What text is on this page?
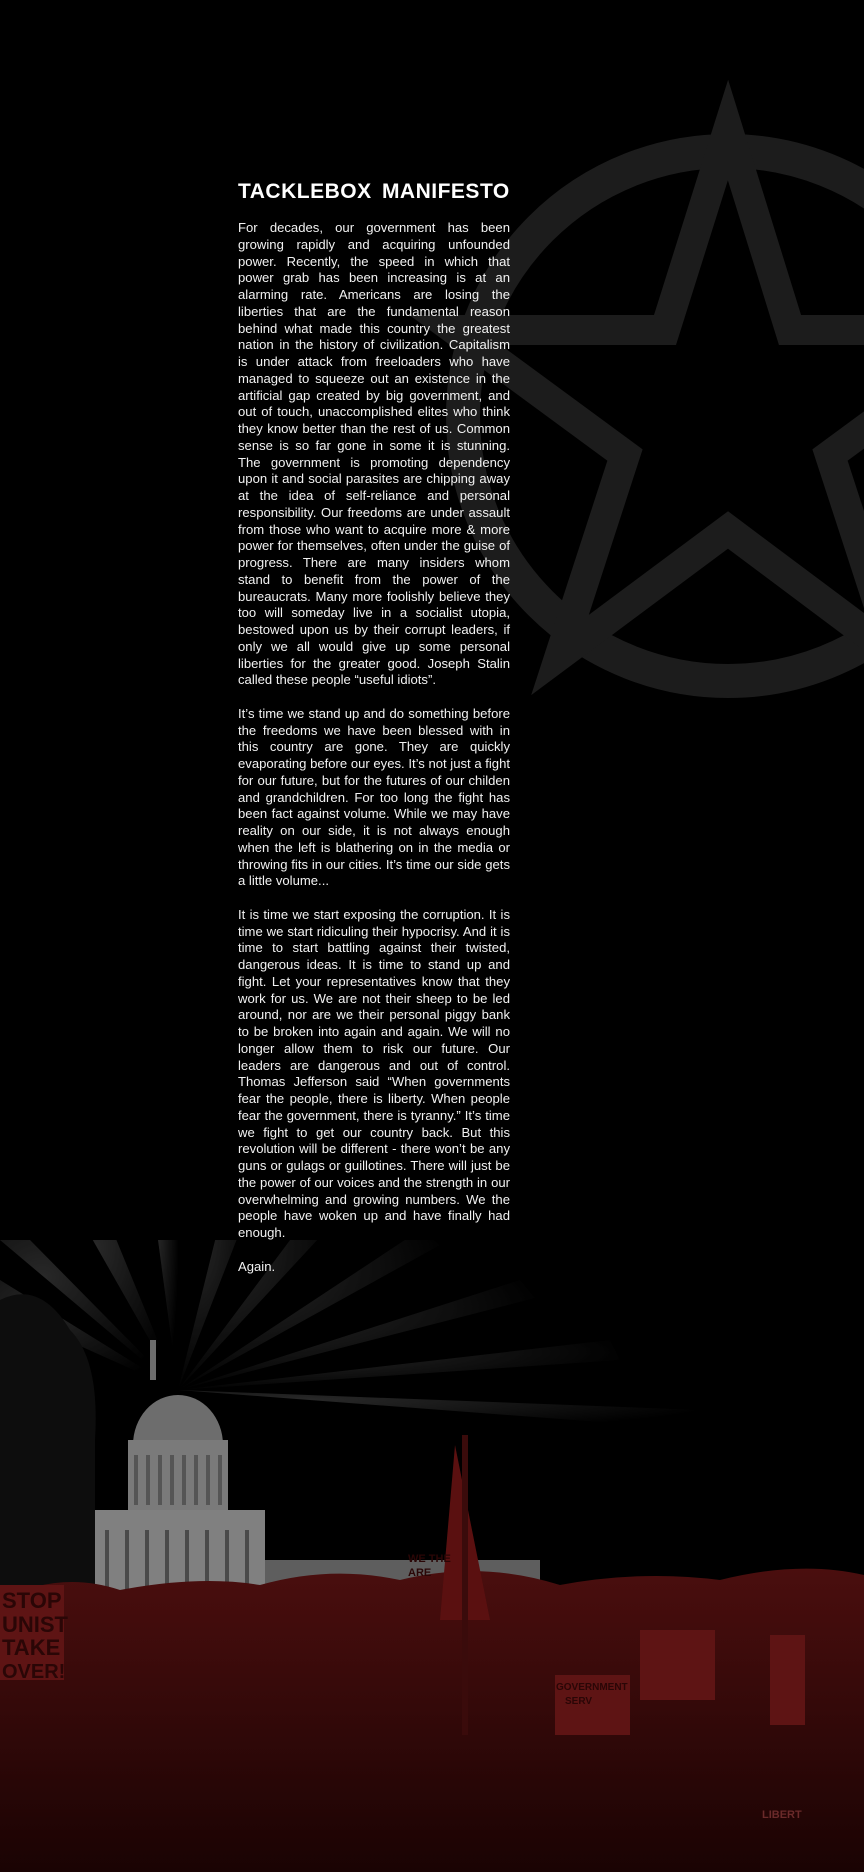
STOP
UNIST
TAKE
OVER!
WE THE
ARE
GOVERNMENT
SERV
LIBERT
TACKLEBOX MANIFESTO

For decades, our government has been growing rapidly and acquiring unfounded power. Recently, the speed in which that power grab has been increasing is at an alarming rate. Americans are losing the liberties that are the fundamental reason behind what made this country the greatest nation in the history of civilization. Capitalism is under attack from freeloaders who have managed to squeeze out an existence in the artificial gap created by big government, and out of touch, unaccomplished elites who think they know better than the rest of us. Common sense is so far gone in some it is stunning. The government is promoting dependency upon it and social parasites are chipping away at the idea of self-reliance and personal responsibility. Our freedoms are under assault from those who want to acquire more & more power for themselves, often under the guise of progress. There are many insiders whom stand to benefit from the power of the bureaucrats. Many more foolishly believe they too will someday live in a socialist utopia, bestowed upon us by their corrupt leaders, if only we all would give up some personal liberties for the greater good. Joseph Stalin called these people “useful idiots”.

It’s time we stand up and do something before the freedoms we have been blessed with in this country are gone. They are quickly evaporating before our eyes. It’s not just a fight for our future, but for the futures of our childen and grandchildren. For too long the fight has been fact against volume. While we may have reality on our side, it is not always enough when the left is blathering on in the media or throwing fits in our cities. It’s time our side gets a little volume...

It is time we start exposing the corruption. It is time we start ridiculing their hypocrisy. And it is time to start battling against their twisted, dangerous ideas. It is time to stand up and fight. Let your representatives know that they work for us. We are not their sheep to be led around, nor are we their personal piggy bank to be broken into again and again. We will no longer allow them to risk our future. Our leaders are dangerous and out of control. Thomas Jefferson said “When governments fear the people, there is liberty. When people fear the government, there is tyranny.” It’s time we fight to get our country back. But this revolution will be different - there won’t be any guns or gulags or guillotines. There will just be the power of our voices and the strength in our overwhelming and growing numbers. We the people have woken up and have finally had enough.

Again.
